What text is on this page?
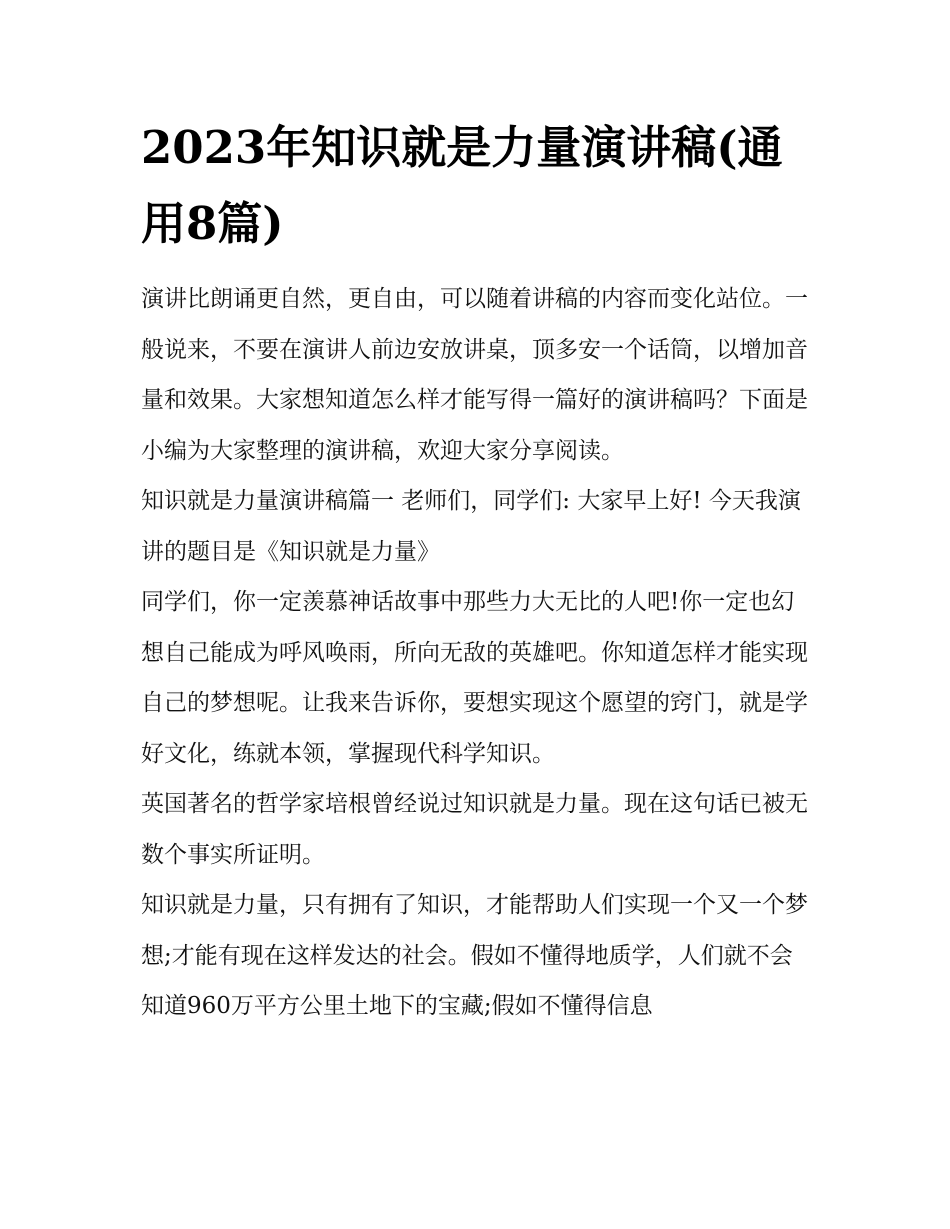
2023年知识就是力量演讲稿(通用8篇)

演讲比朗诵更自然，更自由，可以随着讲稿的内容而变化站位。一般说来，不要在演讲人前边安放讲桌，顶多安一个话筒，以增加音量和效果。大家想知道怎么样才能写得一篇好的演讲稿吗？下面是小编为大家整理的演讲稿，欢迎大家分享阅读。

知识就是力量演讲稿篇一 老师们，同学们: 大家早上好! 今天我演讲的题目是《知识就是力量》

同学们，你一定羡慕神话故事中那些力大无比的人吧!你一定也幻想自己能成为呼风唤雨，所向无敌的英雄吧。你知道怎样才能实现自己的梦想呢。让我来告诉你，要想实现这个愿望的窍门，就是学好文化，练就本领，掌握现代科学知识。

英国著名的哲学家培根曾经说过知识就是力量。现在这句话已被无数个事实所证明。

知识就是力量，只有拥有了知识，才能帮助人们实现一个又一个梦想;才能有现在这样发达的社会。假如不懂得地质学，人们就不会知道960万平方公里土地下的宝藏;假如不懂得信息
